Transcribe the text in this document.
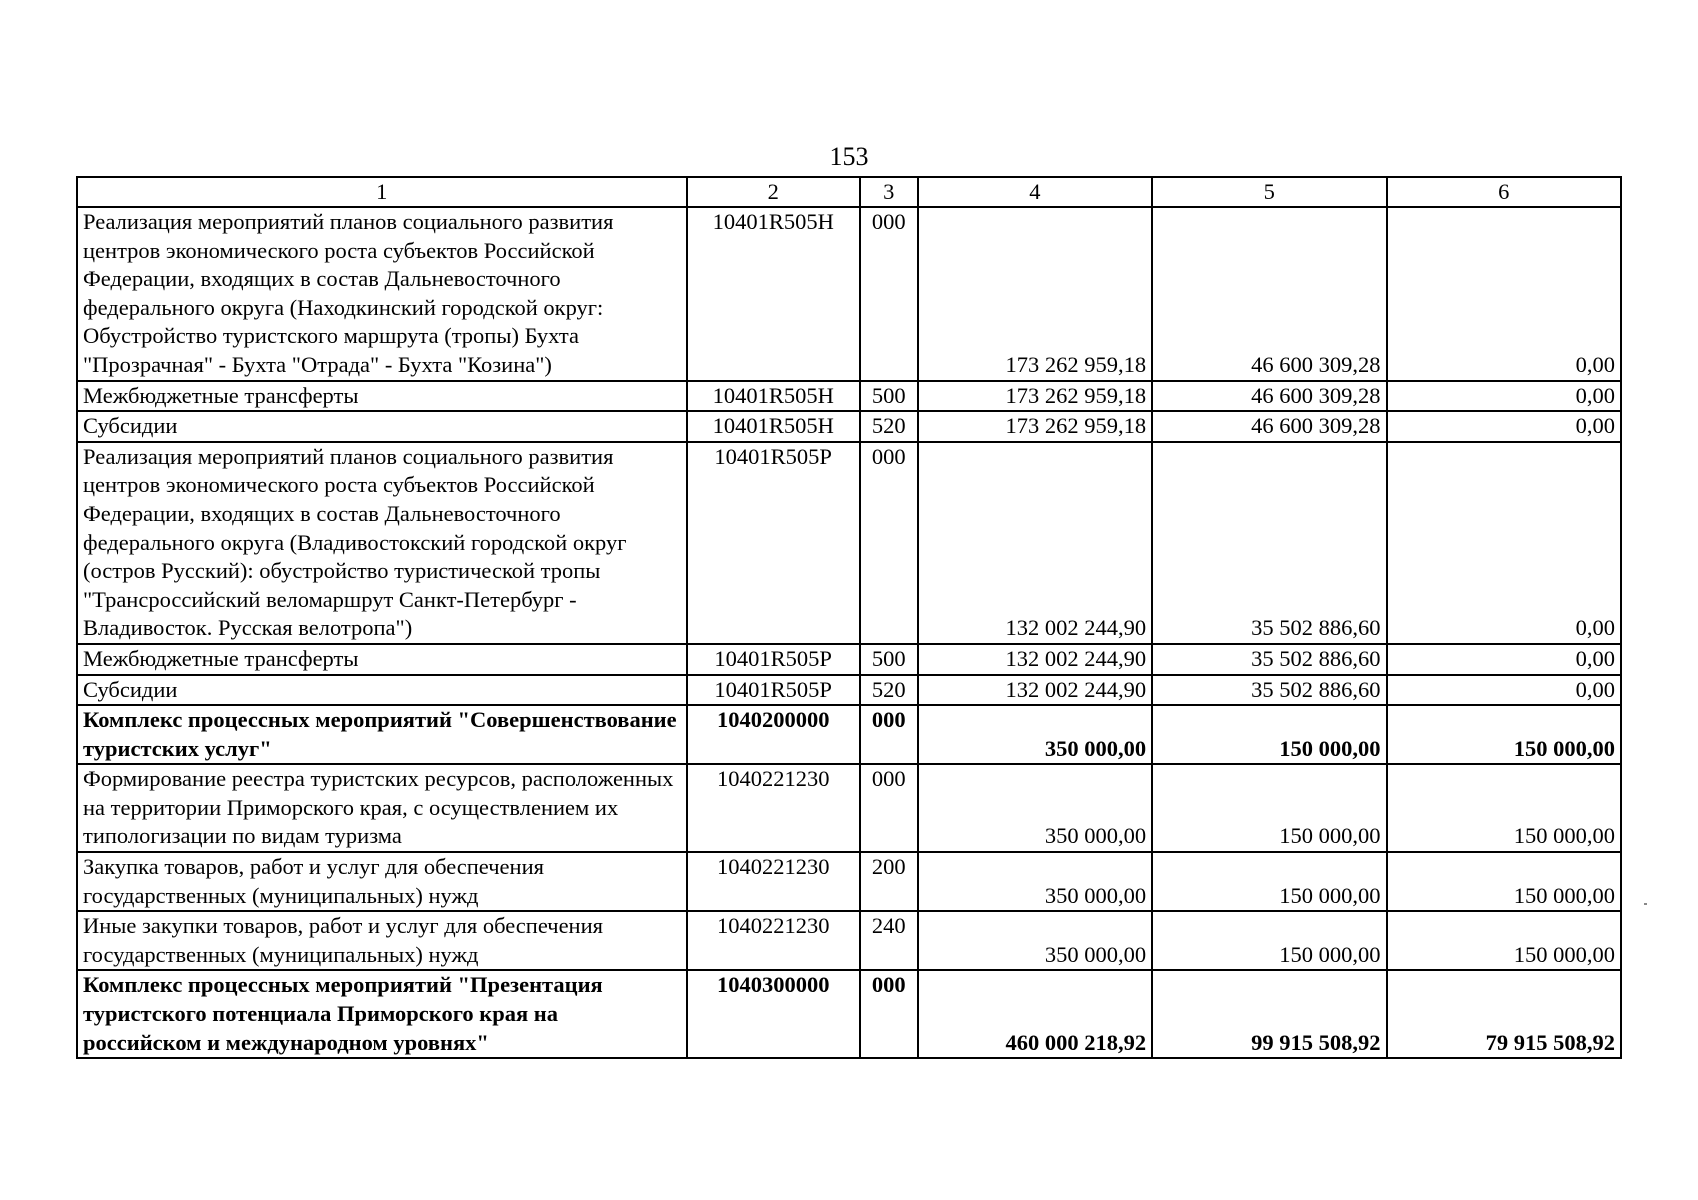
153
1	2	3	4	5	6
Реализация мероприятий планов социального развития центров экономического роста субъектов Российской Федерации, входящих в состав Дальневосточного федерального округа (Находкинский городской округ: Обустройство туристского маршрута (тропы) Бухта "Прозрачная" - Бухта "Отрада" - Бухта "Козина")	10401R505H	000	173 262 959,18	46 600 309,28	0,00
Межбюджетные трансферты	10401R505H	500	173 262 959,18	46 600 309,28	0,00
Субсидии	10401R505H	520	173 262 959,18	46 600 309,28	0,00
Реализация мероприятий планов социального развития центров экономического роста субъектов Российской Федерации, входящих в состав Дальневосточного федерального округа (Владивостокский городской округ (остров Русский): обустройство туристической тропы "Трансроссийский веломаршрут Санкт-Петербург - Владивосток. Русская велотропа")	10401R505P	000	132 002 244,90	35 502 886,60	0,00
Межбюджетные трансферты	10401R505P	500	132 002 244,90	35 502 886,60	0,00
Субсидии	10401R505P	520	132 002 244,90	35 502 886,60	0,00
Комплекс процессных мероприятий "Совершенствование туристских услуг"	1040200000	000	350 000,00	150 000,00	150 000,00
Формирование реестра туристских ресурсов, расположенных на территории Приморского края, с осуществлением их типологизации по видам туризма	1040221230	000	350 000,00	150 000,00	150 000,00
Закупка товаров, работ и услуг для обеспечения государственных (муниципальных) нужд	1040221230	200	350 000,00	150 000,00	150 000,00
Иные закупки товаров, работ и услуг для обеспечения государственных (муниципальных) нужд	1040221230	240	350 000,00	150 000,00	150 000,00
Комплекс процессных мероприятий "Презентация туристского потенциала Приморского края на российском и международном уровнях"	1040300000	000	460 000 218,92	99 915 508,92	79 915 508,92
